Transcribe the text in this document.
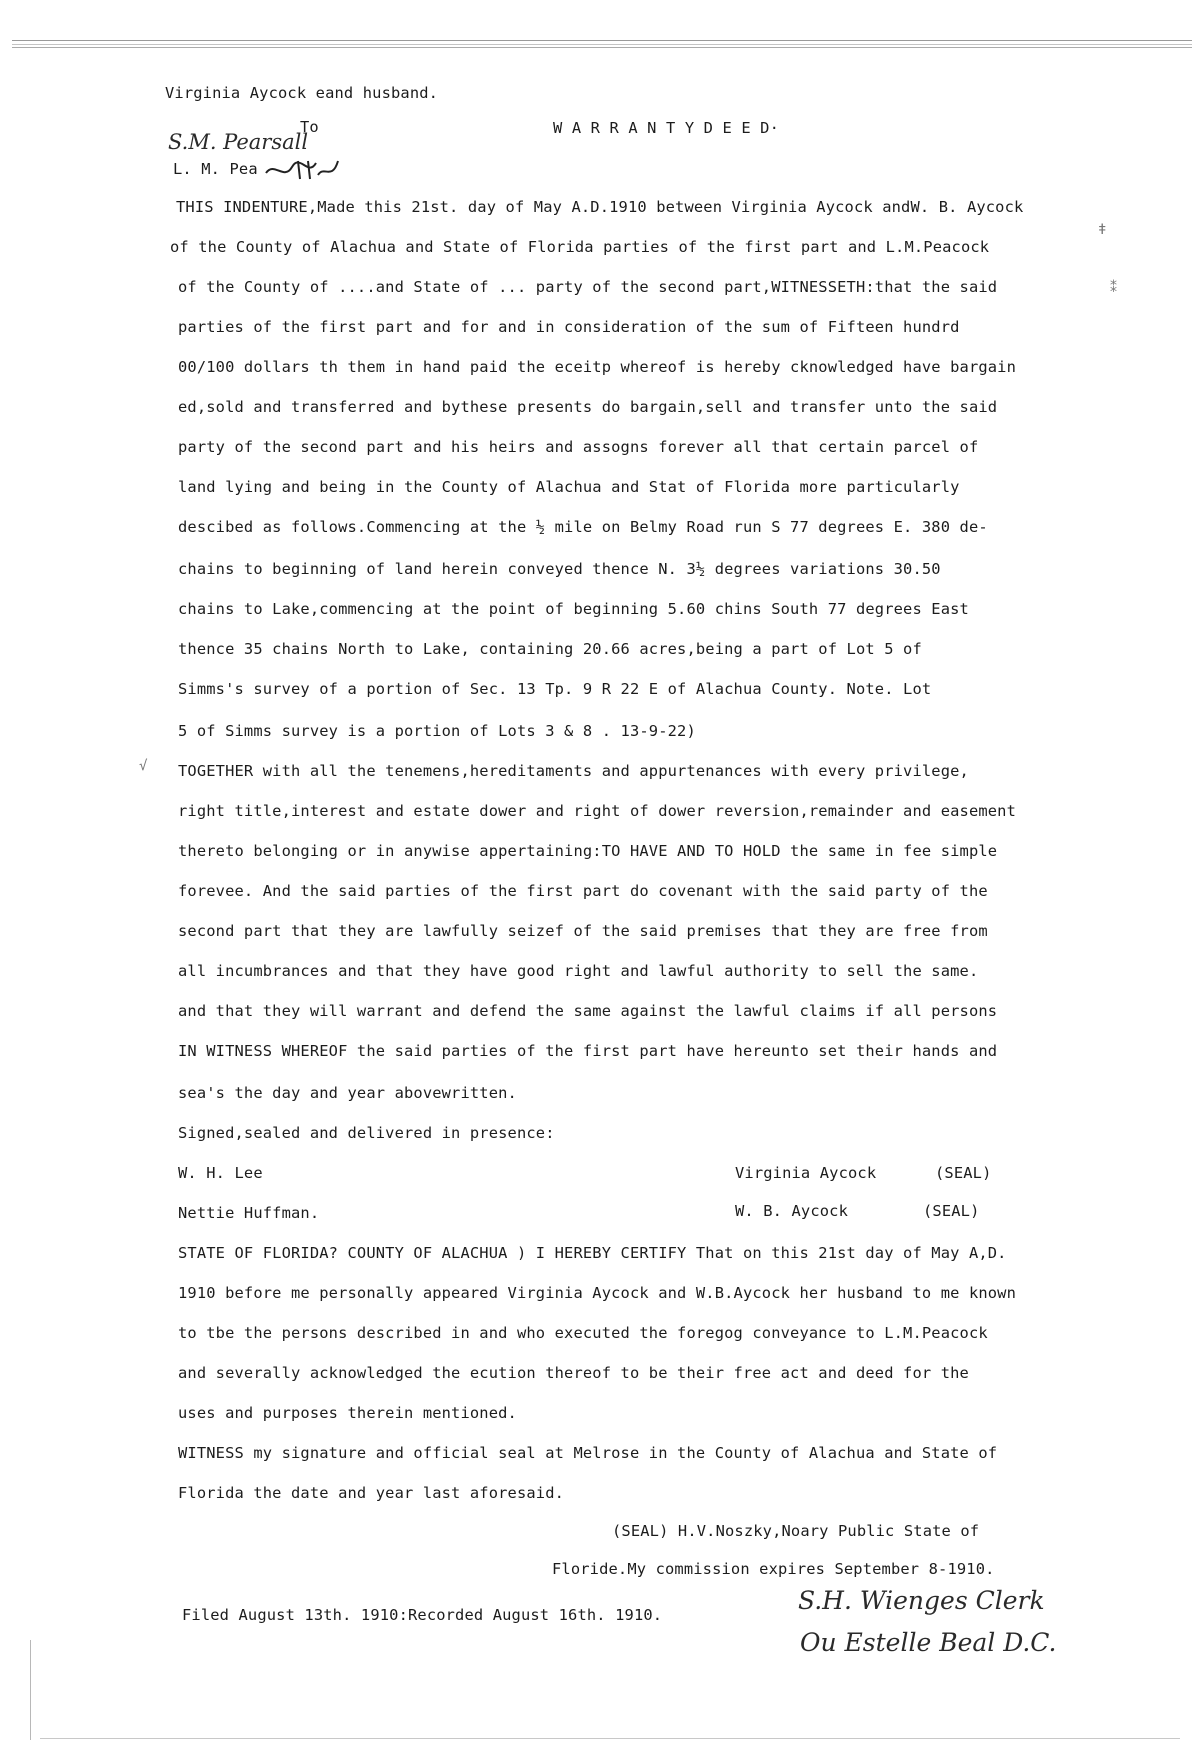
Virginia Aycock eand husband.
To
S.M. Pearsall
L. M. Pea
W A R R A N T Y D E E D·
THIS INDENTURE,Made this 21st. day of May A.D.1910 between Virginia Aycock andW. B. Aycock
of the County of Alachua and State of Florida parties of the first part and L.M.Peacock
of the County of ....and State of ... party of the second part,WITNESSETH:that the said
parties of the first part and for and in consideration of the sum of Fifteen hundrd
00/100 dollars th them in hand paid the eceitp whereof is hereby cknowledged have bargain
ed,sold and transferred and bythese presents do bargain,sell and transfer unto the said
party of the second part and his heirs and assogns forever all that certain parcel of
land lying and being in the County of Alachua and Stat of Florida more particularly
descibed as follows.Commencing at the ½ mile on Belmy Road run S 77 degrees E. 380 de-
chains to beginning of land herein conveyed thence N. 3½ degrees variations 30.50
chains to Lake,commencing at the point of beginning 5.60 chins South 77 degrees East
thence 35 chains North to Lake, containing 20.66 acres,being a part of Lot 5 of
Simms's survey of a portion of Sec. 13 Tp. 9 R 22 E of Alachua County. Note. Lot
5 of Simms survey is a portion of Lots 3 & 8 . 13-9-22)
TOGETHER with all the tenemens,hereditaments and appurtenances with every privilege,
right title,interest and estate dower and right of dower reversion,remainder and easement
thereto belonging or in anywise appertaining:TO HAVE AND TO HOLD the same in fee simple
forevee. And the said parties of the first part do covenant with the said party of the
second part that they are lawfully seizef of the said premises that they are free from
all incumbrances and that they have good right and lawful authority to sell the same.
and that they will warrant and defend the same against the lawful claims if all persons
IN WITNESS WHEREOF the said parties of the first part have hereunto set their hands and
sea's the day and year abovewritten.
Signed,sealed and delivered in presence:
√
ǂ
⁑
W. H. Lee	Virginia Aycock	(SEAL)
Nettie Huffman.	W. B. Aycock	(SEAL)
STATE OF FLORIDA? COUNTY OF ALACHUA ) I HEREBY CERTIFY That on this 21st day of May A,D.
1910 before me personally appeared Virginia Aycock and W.B.Aycock her husband to me known
to tbe the persons described in and who executed the foregog conveyance to L.M.Peacock
and severally acknowledged the ecution thereof to be their free act and deed for the
uses and purposes therein mentioned.
WITNESS my signature and official seal at Melrose in the County of Alachua and State of
Florida the date and year last aforesaid.
(SEAL) H.V.Noszky,Noary Public State of
Floride.My commission expires September 8-1910.
Filed August 13th. 1910:Recorded August 16th. 1910.	S.H. Wienges Clerk
Ou Estelle Beal D.C.
